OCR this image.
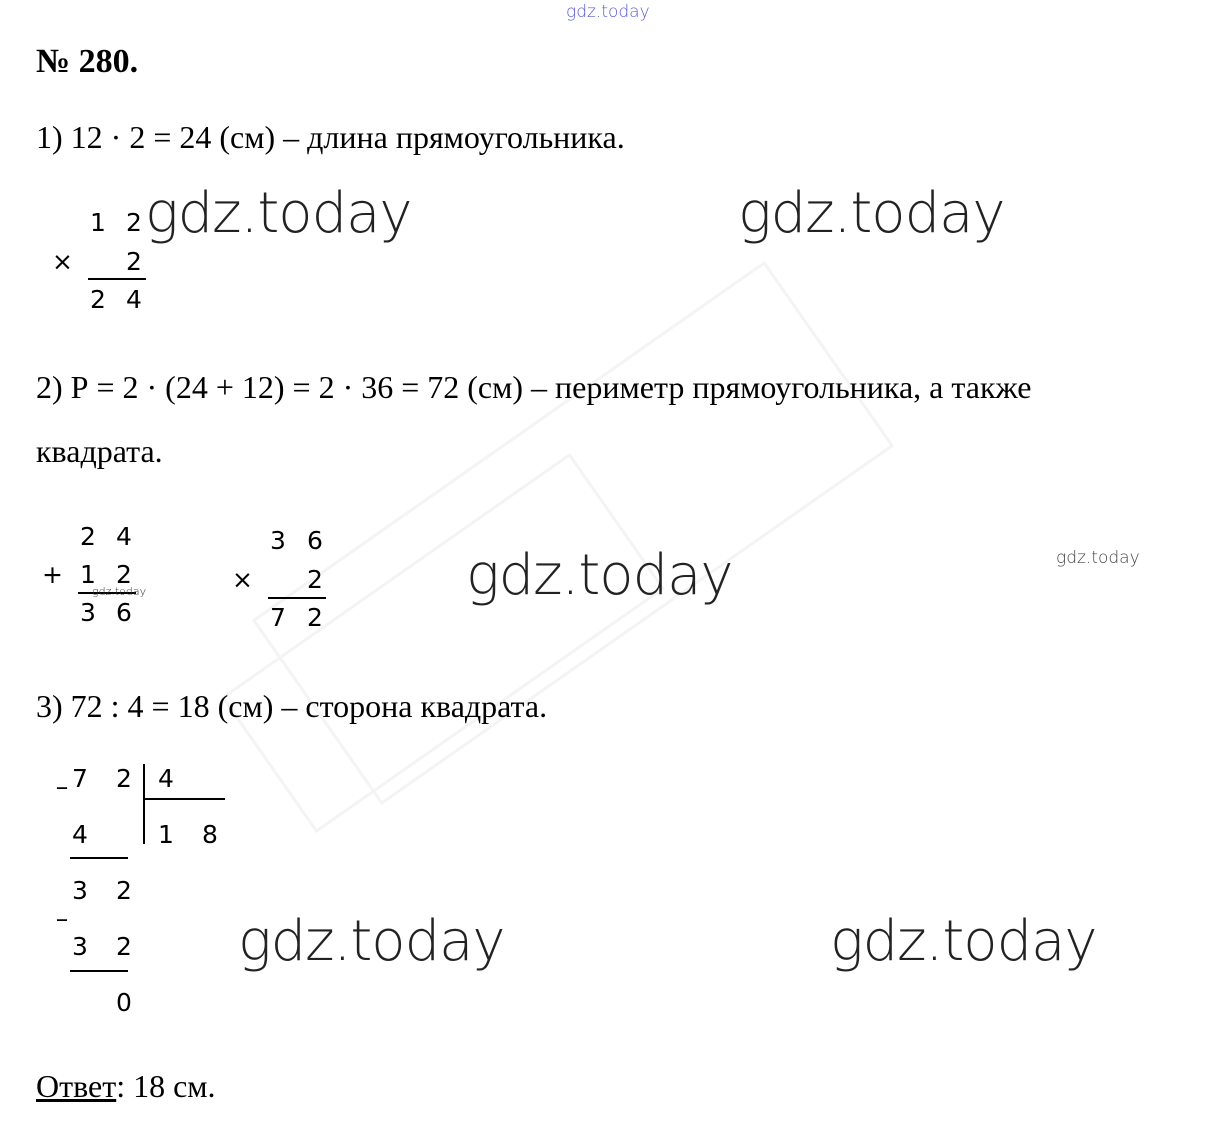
gdz.today
№ 280.
1) 12 · 2 = 24 (см) – длина прямоугольника.
1 2
× 2
2 4
gdz.today	gdz.today
2) Р = 2 · (24 + 12) = 2 · 36 = 72 (см) – периметр прямоугольника, а также
квадрата.
2 4
+ 1 2
3 6
gdz.today
3 6
× 2
7 2
gdz.today	gdz.today
3) 72 : 4 = 18 (см) – сторона квадрата.
– 7 2 4
1 8
4
3 2
–
3 2
0
gdz.today	gdz.today
Ответ: 18 см.
